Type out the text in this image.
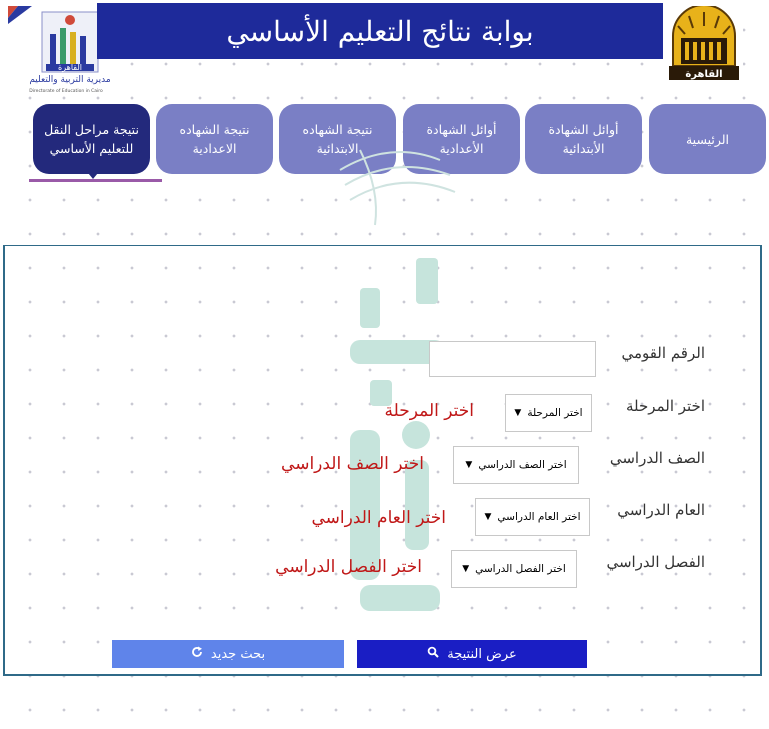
مديرية التربية والتعليم
Directorate of Education in Cairo
القاهرة
بوابة نتائج التعليم الأساسي
القاهرة
الرئيسية
أوائل الشهادة الأبتدائية
أوائل الشهادة الأعدادية
نتيجة الشهاده الابتدائية
نتيجة الشهاده الاعدادية
نتيجة مراحل النقل للتعليم الأساسي
الرقم القومي
اختر المرحلة
اختر المرحلة
▼
اختر المرحلة
الصف الدراسي
اختر الصف الدراسي
▼
اختر الصف الدراسي
العام الدراسي
اختر العام الدراسي
▼
اختر العام الدراسي
الفصل الدراسي
اختر الفصل الدراسي
▼
اختر الفصل الدراسي
بحث جديد	عرض النتيجة
